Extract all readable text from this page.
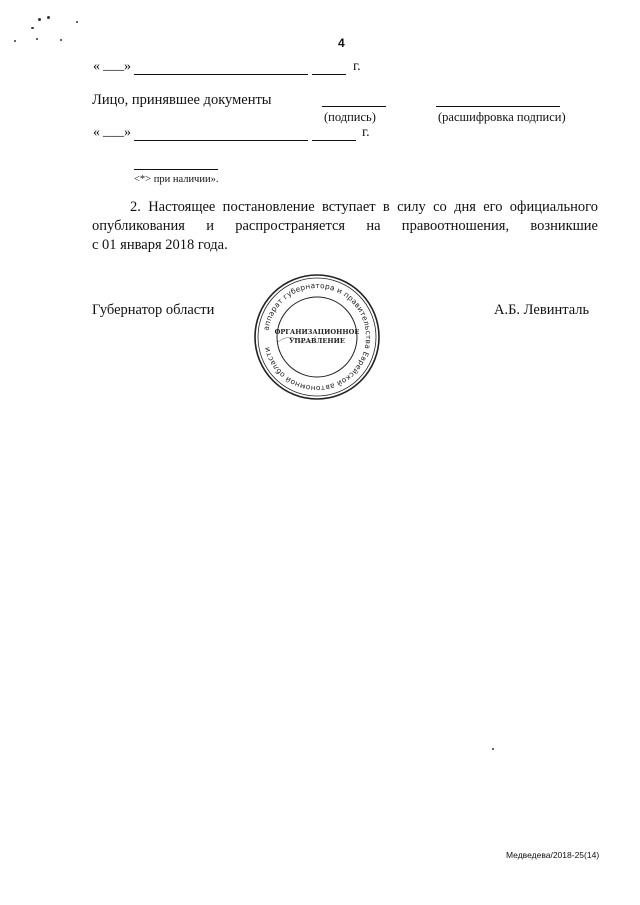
4
« ___ »	г.
Лицо, принявшее документы
(подпись)	(расшифровка подписи)
« ___ »	г.
<*> при наличии».
2. Настоящее постановление вступает в силу со дня его официального
опубликования и распространяется на правоотношения, возникшие
с 01 января 2018 года.
Губернатор области	А.Б. Левинталь
аппарат губернатора и правительства Еврейской автономной области
ОРГАНИЗАЦИОННОЕ
УПРАВЛЕНИЕ
Медведева/2018-25(14)
